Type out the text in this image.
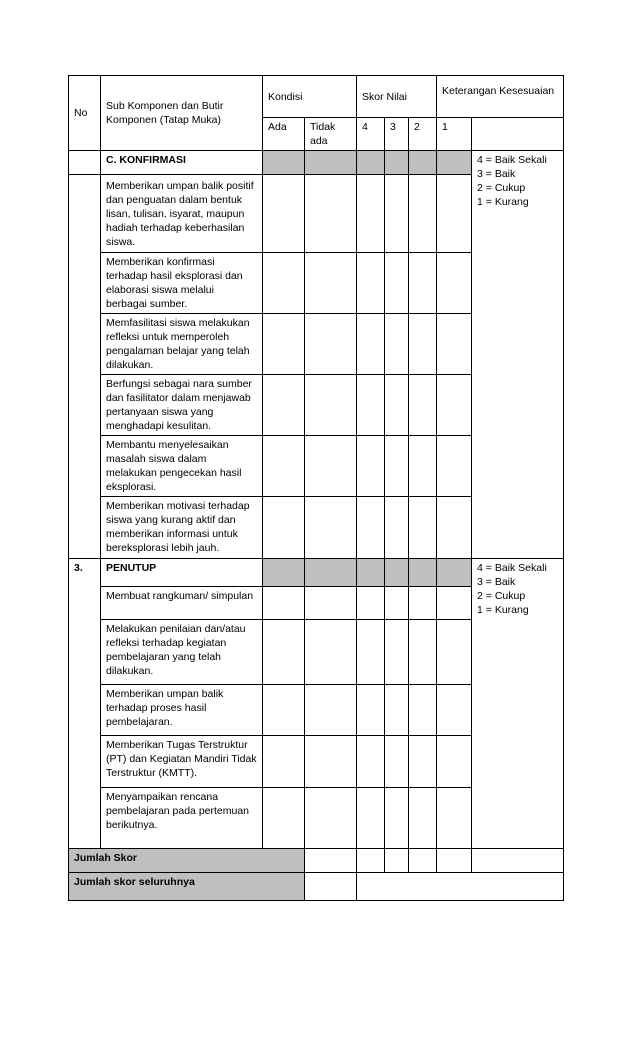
No	Sub Komponen dan Butir Komponen (Tatap Muka)	Kondisi		Skor Nilai			Keterangan Kesesuaian	
		Ada	Tidak ada	4	3	2	1	
	C. KONFIRMASI							4 = Baik Sekali
3 = Baik
2 = Cukup
1 = Kurang

	Memberikan umpan balik positif dan penguatan dalam bentuk lisan, tulisan, isyarat, maupun hadiah terhadap keberhasilan siswa.							
	Memberikan konfirmasi terhadap hasil eksplorasi dan elaborasi siswa melalui berbagai sumber.							
	Memfasilitasi siswa melakukan refleksi untuk memperoleh pengalaman belajar yang telah dilakukan.							
	Berfungsi sebagai nara sumber dan fasilitator dalam menjawab pertanyaan siswa yang menghadapi kesulitan.							
	Membantu menyelesaikan masalah siswa dalam melakukan pengecekan hasil eksplorasi.							
	Memberikan motivasi terhadap siswa yang kurang aktif dan memberikan informasi untuk bereksplorasi lebih jauh.							
3.	PENUTUP							4 = Baik Sekali
3 = Baik
2 = Cukup
1 = Kurang

	Membuat rangkuman/ simpulan							
	Melakukan penilaian dan/atau refleksi terhadap kegiatan pembelajaran yang telah dilakukan.							
	Memberikan umpan balik terhadap proses hasil pembelajaran.							
	Memberikan Tugas Terstruktur (PT) dan Kegiatan Mandiri Tidak Terstruktur (KMTT).							
	Menyampaikan rencana pembelajaran pada pertemuan berikutnya.							
Jumlah Skor								
Jumlah skor seluruhnya								
